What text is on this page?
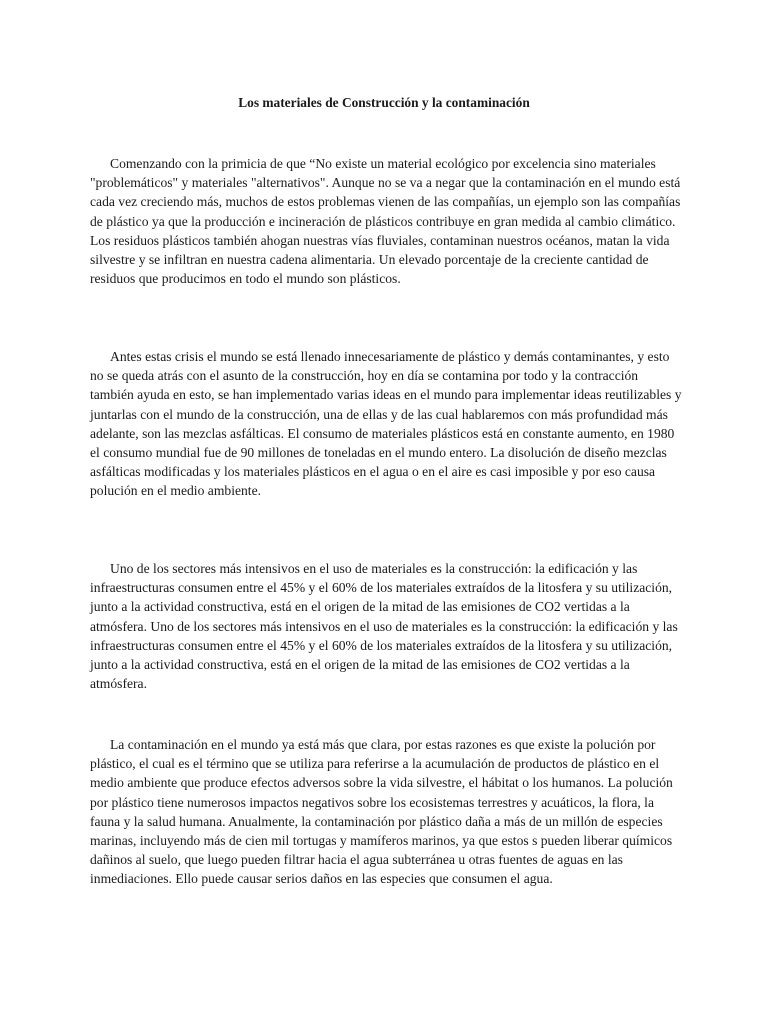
Los materiales de Construcción y la contaminación

Comenzando con la primicia de que “No existe un material ecológico por excelencia sino materiales "problemáticos" y materiales "alternativos". Aunque no se va a negar que la contaminación en el mundo está cada vez creciendo más, muchos de estos problemas vienen de las compañías, un ejemplo son las compañías de plástico ya que la producción e incineración de plásticos contribuye en gran medida al cambio climático. Los residuos plásticos también ahogan nuestras vías fluviales, contaminan nuestros océanos, matan la vida silvestre y se infiltran en nuestra cadena alimentaria. Un elevado porcentaje de la creciente cantidad de residuos que producimos en todo el mundo son plásticos.

Antes estas crisis el mundo se está llenado innecesariamente de plástico y demás contaminantes, y esto no se queda atrás con el asunto de la construcción, hoy en día se contamina por todo y la contracción también ayuda en esto, se han implementado varias ideas en el mundo para implementar ideas reutilizables y juntarlas con el mundo de la construcción, una de ellas y de las cual hablaremos con más profundidad más adelante, son las mezclas asfálticas. El consumo de materiales plásticos está en constante aumento, en 1980 el consumo mundial fue de 90 millones de toneladas en el mundo entero. La disolución de diseño mezclas asfálticas modificadas y los materiales plásticos en el agua o en el aire es casi imposible y por eso causa polución en el medio ambiente.

Uno de los sectores más intensivos en el uso de materiales es la construcción: la edificación y las infraestructuras consumen entre el 45% y el 60% de los materiales extraídos de la litosfera y su utilización, junto a la actividad constructiva, está en el origen de la mitad de las emisiones de CO2 vertidas a la atmósfera. Uno de los sectores más intensivos en el uso de materiales es la construcción: la edificación y las infraestructuras consumen entre el 45% y el 60% de los materiales extraídos de la litosfera y su utilización, junto a la actividad constructiva, está en el origen de la mitad de las emisiones de CO2 vertidas a la atmósfera.

La contaminación en el mundo ya está más que clara, por estas razones es que existe la polución por plástico, el cual es el término que se utiliza para referirse a la acumulación de productos de plástico en el medio ambiente que produce efectos adversos sobre la vida silvestre, el hábitat o los humanos. La polución por plástico tiene numerosos impactos negativos sobre los ecosistemas terrestres y acuáticos, la flora, la fauna y la salud humana. Anualmente, la contaminación por plástico daña a más de un millón de especies marinas, incluyendo más de cien mil tortugas y mamíferos marinos, ya que estos s pueden liberar químicos dañinos al suelo, que luego pueden filtrar hacia el agua subterránea u otras fuentes de aguas en las inmediaciones. Ello puede causar serios daños en las especies que consumen el agua.
